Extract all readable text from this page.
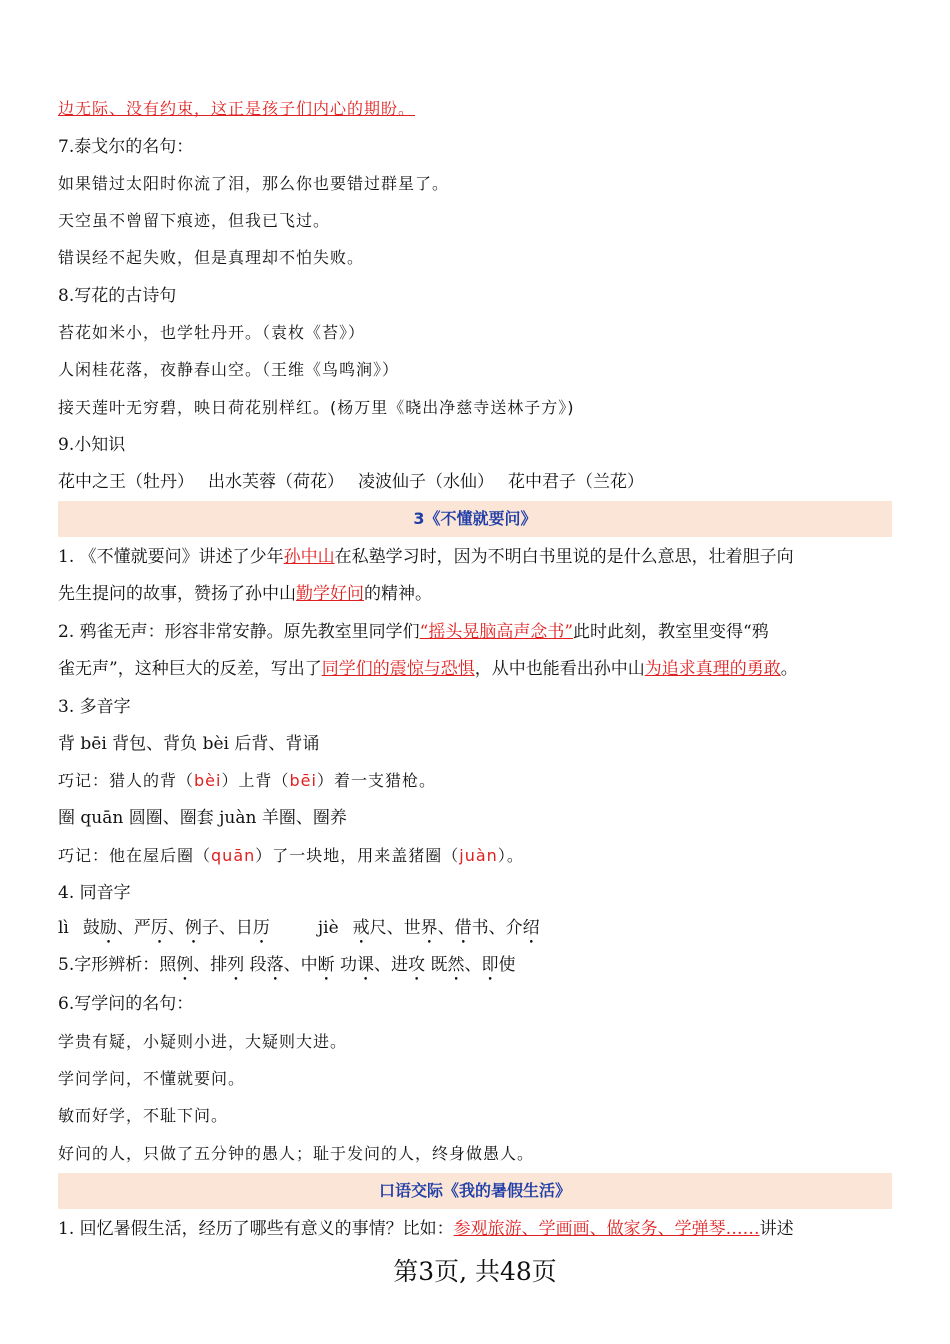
边无际、没有约束，这正是孩子们内心的期盼。
7.泰戈尔的名句：
如果错过太阳时你流了泪，那么你也要错过群星了。
天空虽不曾留下痕迹，但我已飞过。
错误经不起失败，但是真理却不怕失败。
8.写花的古诗句
苔花如米小，也学牡丹开。（袁枚《苔》）
人闲桂花落，夜静春山空。（王维《鸟鸣涧》）
接天莲叶无穷碧，映日荷花别样红。(杨万里《晓出净慈寺送林子方》)
9.小知识
花中之王（牡丹） 出水芙蓉（荷花） 凌波仙子（水仙） 花中君子（兰花）
3《不懂就要问》
1. 《不懂就要问》讲述了少年孙中山在私塾学习时，因为不明白书里说的是什么意思，壮着胆子向
先生提问的故事，赞扬了孙中山勤学好问的精神。
2. 鸦雀无声：形容非常安静。原先教室里同学们“摇头晃脑高声念书”此时此刻，教室里变得“鸦
雀无声”，这种巨大的反差，写出了同学们的震惊与恐惧，从中也能看出孙中山为追求真理的勇敢。
3. 多音字
背 bēi 背包、背负 bèi 后背、背诵
巧记：猎人的背（bèi）上背（bēi）着一支猎枪。
圈 quān 圆圈、圈套 juàn 羊圈、圈养
巧记：他在屋后圈（quān）了一块地，用来盖猪圈（juàn）。
4. 同音字
lì 鼓励、严厉、例子、日历	jiè 戒尺、世界、借书、介绍
5.字形辨析：照例、排列 段落、中断 功课、进攻 既然、即使
6.写学问的名句：
学贵有疑，小疑则小进，大疑则大进。
学问学问，不懂就要问。
敏而好学，不耻下问。
好问的人，只做了五分钟的愚人；耻于发问的人，终身做愚人。
口语交际《我的暑假生活》
1. 回忆暑假生活，经历了哪些有意义的事情？比如：参观旅游、学画画、做家务、学弹琴……讲述
第3页, 共48页
